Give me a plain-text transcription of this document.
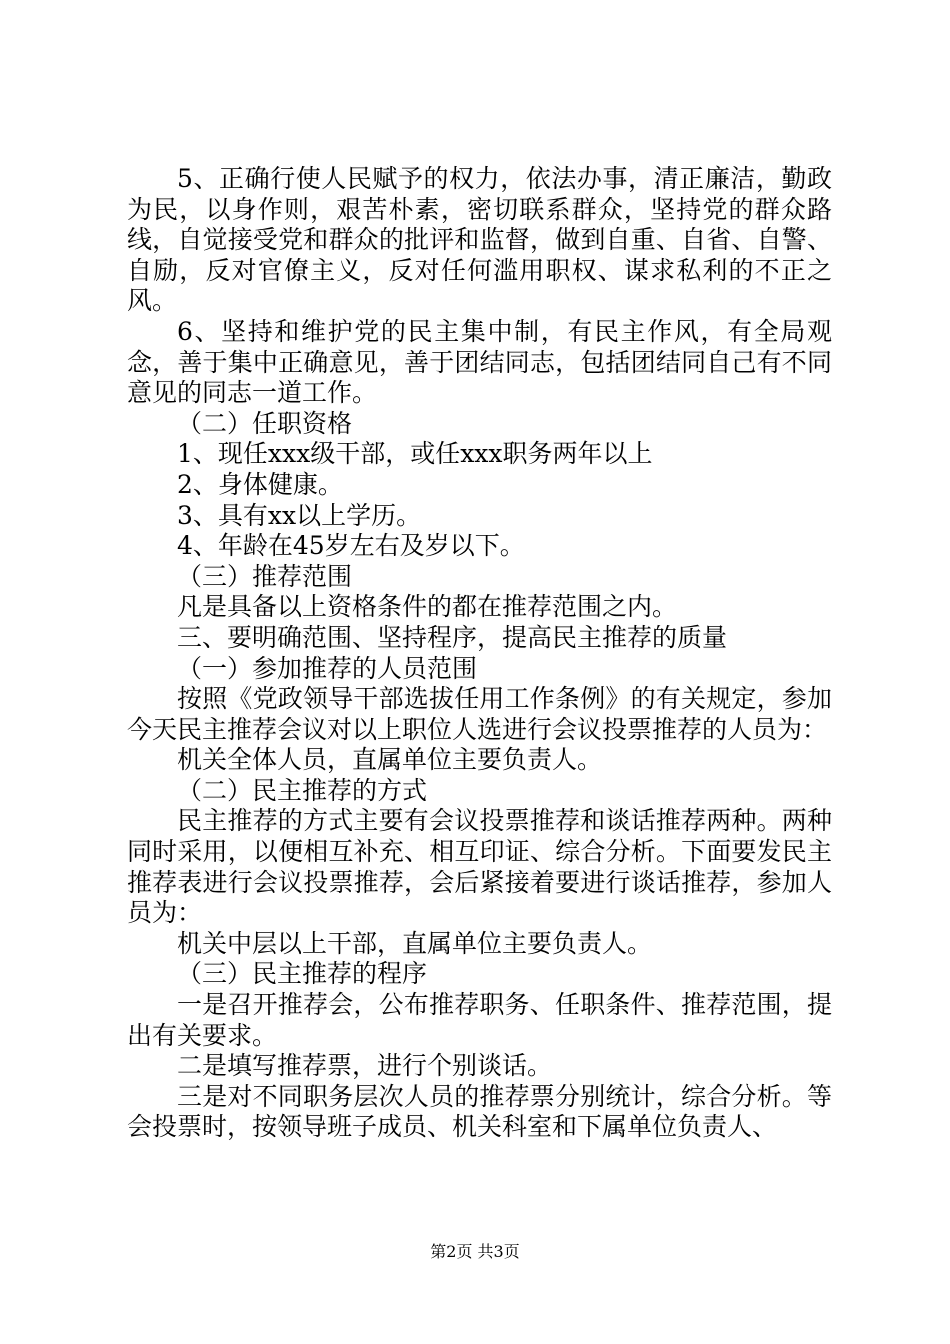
5、正确行使人民赋予的权力，依法办事，清正廉洁，勤政为民，以身作则，艰苦朴素，密切联系群众，坚持党的群众路线，自觉接受党和群众的批评和监督，做到自重、自省、自警、自励，反对官僚主义，反对任何滥用职权、谋求私利的不正之风。

6、坚持和维护党的民主集中制，有民主作风，有全局观念，善于集中正确意见，善于团结同志，包括团结同自己有不同意见的同志一道工作。

（二）任职资格

1、现任xxx级干部，或任xxx职务两年以上

2、身体健康。

3、具有xx以上学历。

4、年龄在45岁左右及岁以下。

（三）推荐范围

凡是具备以上资格条件的都在推荐范围之内。

三、要明确范围、坚持程序，提高民主推荐的质量

（一）参加推荐的人员范围

按照《党政领导干部选拔任用工作条例》的有关规定，参加今天民主推荐会议对以上职位人选进行会议投票推荐的人员为：

机关全体人员，直属单位主要负责人。

（二）民主推荐的方式

民主推荐的方式主要有会议投票推荐和谈话推荐两种。两种同时采用，以便相互补充、相互印证、综合分析。下面要发民主推荐表进行会议投票推荐，会后紧接着要进行谈话推荐，参加人员为：

机关中层以上干部，直属单位主要负责人。

（三）民主推荐的程序

一是召开推荐会，公布推荐职务、任职条件、推荐范围，提出有关要求。

二是填写推荐票，进行个别谈话。

三是对不同职务层次人员的推荐票分别统计，综合分析。等会投票时，按领导班子成员、机关科室和下属单位负责人、

第2页 共3页
